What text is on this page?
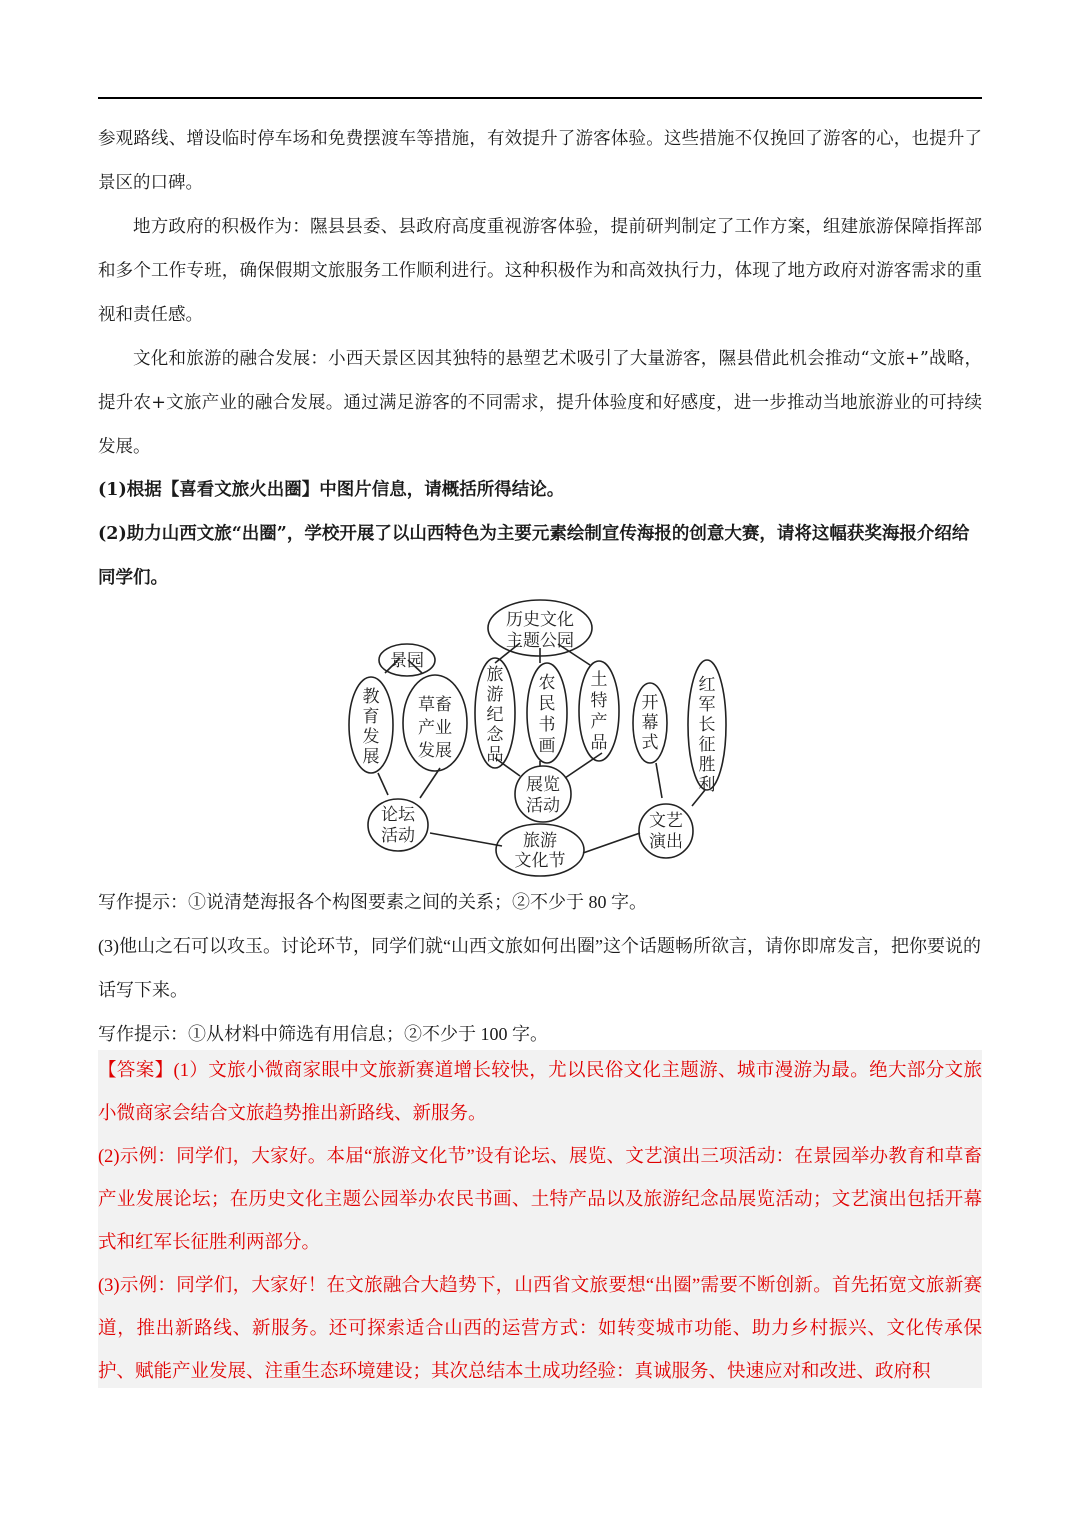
参观路线、增设临时停车场和免费摆渡车等措施，有效提升了游客体验。这些措施不仅挽回了游客的心，也提升了景区的口碑。

地方政府的积极作为：隰县县委、县政府高度重视游客体验，提前研判制定了工作方案，组建旅游保障指挥部和多个工作专班，确保假期文旅服务工作顺利进行。这种积极作为和高效执行力，体现了地方政府对游客需求的重视和责任感。

文化和旅游的融合发展：小西天景区因其独特的悬塑艺术吸引了大量游客，隰县借此机会推动“文旅+”战略，提升农+文旅产业的融合发展。通过满足游客的不同需求，提升体验度和好感度，进一步推动当地旅游业的可持续发展。

(1)根据【喜看文旅火出圈】中图片信息，请概括所得结论。

(2)助力山西文旅“出圈”，学校开展了以山西特色为主要元素绘制宣传海报的创意大赛，请将这幅获奖海报介绍给同学们。

景园
教
育
发
展
草畜
产业
发展
论坛
活动	旅游
文化节
历史文化
主题公园
旅
游
纪
念
品
农
民
书
画
土
特
产
品
展览
活动
开
幕
式
红
军
长
征
胜
利
文艺
演出

写作提示：①说清楚海报各个构图要素之间的关系；②不少于 80 字。

(3)他山之石可以攻玉。讨论环节，同学们就“山西文旅如何出圈”这个话题畅所欲言，请你即席发言，把你要说的话写下来。

写作提示：①从材料中筛选有用信息；②不少于 100 字。

【答案】(1）文旅小微商家眼中文旅新赛道增长较快，尤以民俗文化主题游、城市漫游为最。绝大部分文旅小微商家会结合文旅趋势推出新路线、新服务。

(2)示例：同学们，大家好。本届“旅游文化节”设有论坛、展览、文艺演出三项活动：在景园举办教育和草畜产业发展论坛；在历史文化主题公园举办农民书画、土特产品以及旅游纪念品展览活动；文艺演出包括开幕式和红军长征胜利两部分。

(3)示例：同学们，大家好！在文旅融合大趋势下，山西省文旅要想“出圈”需要不断创新。首先拓宽文旅新赛道，推出新路线、新服务。还可探索适合山西的运营方式：如转变城市功能、助力乡村振兴、文化传承保护、赋能产业发展、注重生态环境建设；其次总结本土成功经验：真诚服务、快速应对和改进、政府积
